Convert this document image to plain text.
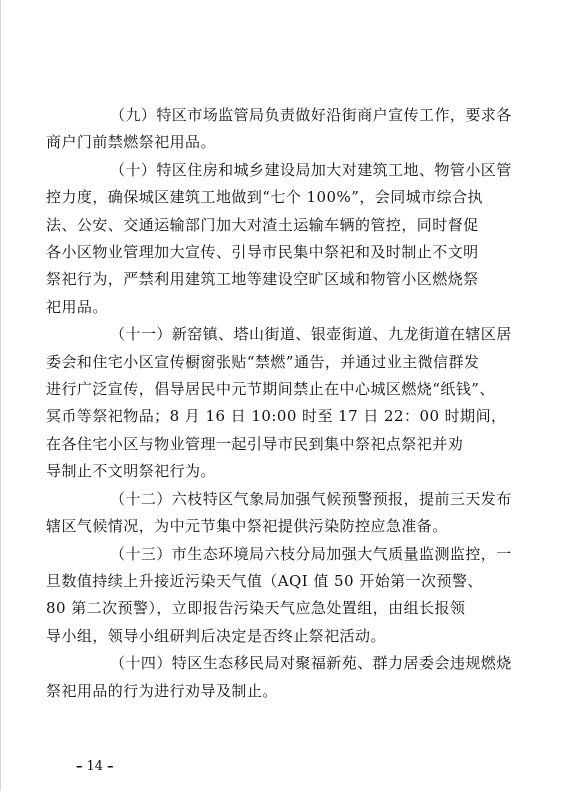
（九）特区市场监管局负责做好沿街商户宣传工作，要求各
商户门前禁燃祭祀用品。

（十）特区住房和城乡建设局加大对建筑工地、物管小区管
控力度，确保城区建筑工地做到“七个 100%”，会同城市综合执
法、公安、交通运输部门加大对渣土运输车辆的管控，同时督促
各小区物业管理加大宣传、引导市民集中祭祀和及时制止不文明
祭祀行为，严禁利用建筑工地等建设空旷区域和物管小区燃烧祭
祀用品。

（十一）新窑镇、塔山街道、银壶街道、九龙街道在辖区居
委会和住宅小区宣传橱窗张贴“禁燃”通告，并通过业主微信群发
进行广泛宣传，倡导居民中元节期间禁止在中心城区燃烧“纸钱”、
冥币等祭祀物品；8 月 16 日 10:00 时至 17 日 22：00 时期间，
在各住宅小区与物业管理一起引导市民到集中祭祀点祭祀并劝
导制止不文明祭祀行为。

（十二）六枝特区气象局加强气候预警预报，提前三天发布
辖区气候情况，为中元节集中祭祀提供污染防控应急准备。

（十三）市生态环境局六枝分局加强大气质量监测监控，一
旦数值持续上升接近污染天气值（AQI 值 50 开始第一次预警、
80 第二次预警），立即报告污染天气应急处置组，由组长报领
导小组，领导小组研判后决定是否终止祭祀活动。

（十四）特区生态移民局对聚福新苑、群力居委会违规燃烧
祭祀用品的行为进行劝导及制止。

– 14 –
